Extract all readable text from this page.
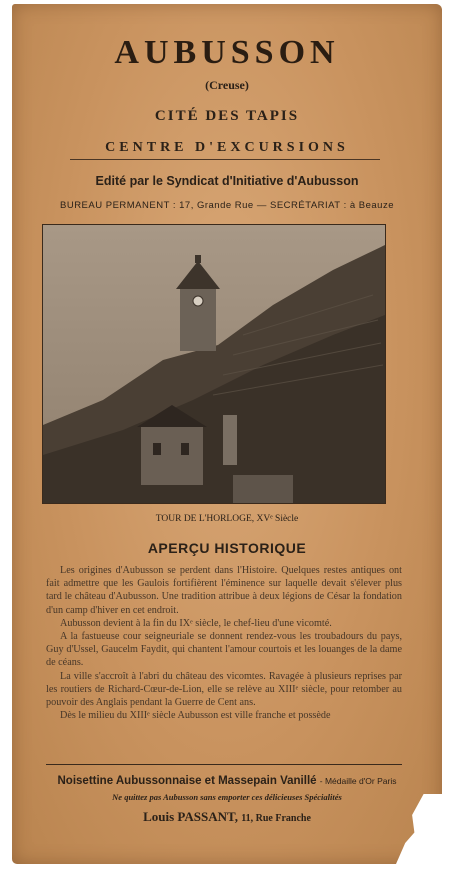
AUBUSSON
(Creuse)
CITÉ DES TAPIS
CENTRE D'EXCURSIONS
Edité par le Syndicat d'Initiative d'Aubusson
BUREAU PERMANENT : 17, Grande Rue — SECRÉTARIAT : à Beauze
TOUR DE L'HORLOGE, XVᵉ Siècle
APERÇU HISTORIQUE

Les origines d'Aubusson se perdent dans l'Histoire. Quelques restes antiques ont fait admettre que les Gaulois fortifièrent l'éminence sur laquelle devait s'élever plus tard le château d'Aubusson. Une tradition attribue à deux légions de César la fondation d'un camp d'hiver en cet endroit.

Aubusson devient à la fin du IXᵉ siècle, le chef-lieu d'une vicomté.

A la fastueuse cour seigneuriale se donnent rendez-vous les troubadours du pays, Guy d'Ussel, Gaucelm Faydit, qui chantent l'amour courtois et les louanges de la dame de céans.

La ville s'accroît à l'abri du château des vicomtes. Ravagée à plusieurs reprises par les routiers de Richard-Cœur-de-Lion, elle se relève au XIIIᵉ siècle, pour retomber au pouvoir des Anglais pendant la Guerre de Cent ans.

Dès le milieu du XIIIᵉ siècle Aubusson est ville franche et possède

Noisettine Aubussonnaise et Massepain Vanillé - Médaille d'Or Paris
Ne quittez pas Aubusson sans emporter ces délicieuses Spécialités
Louis PASSANT, 11, Rue Franche
